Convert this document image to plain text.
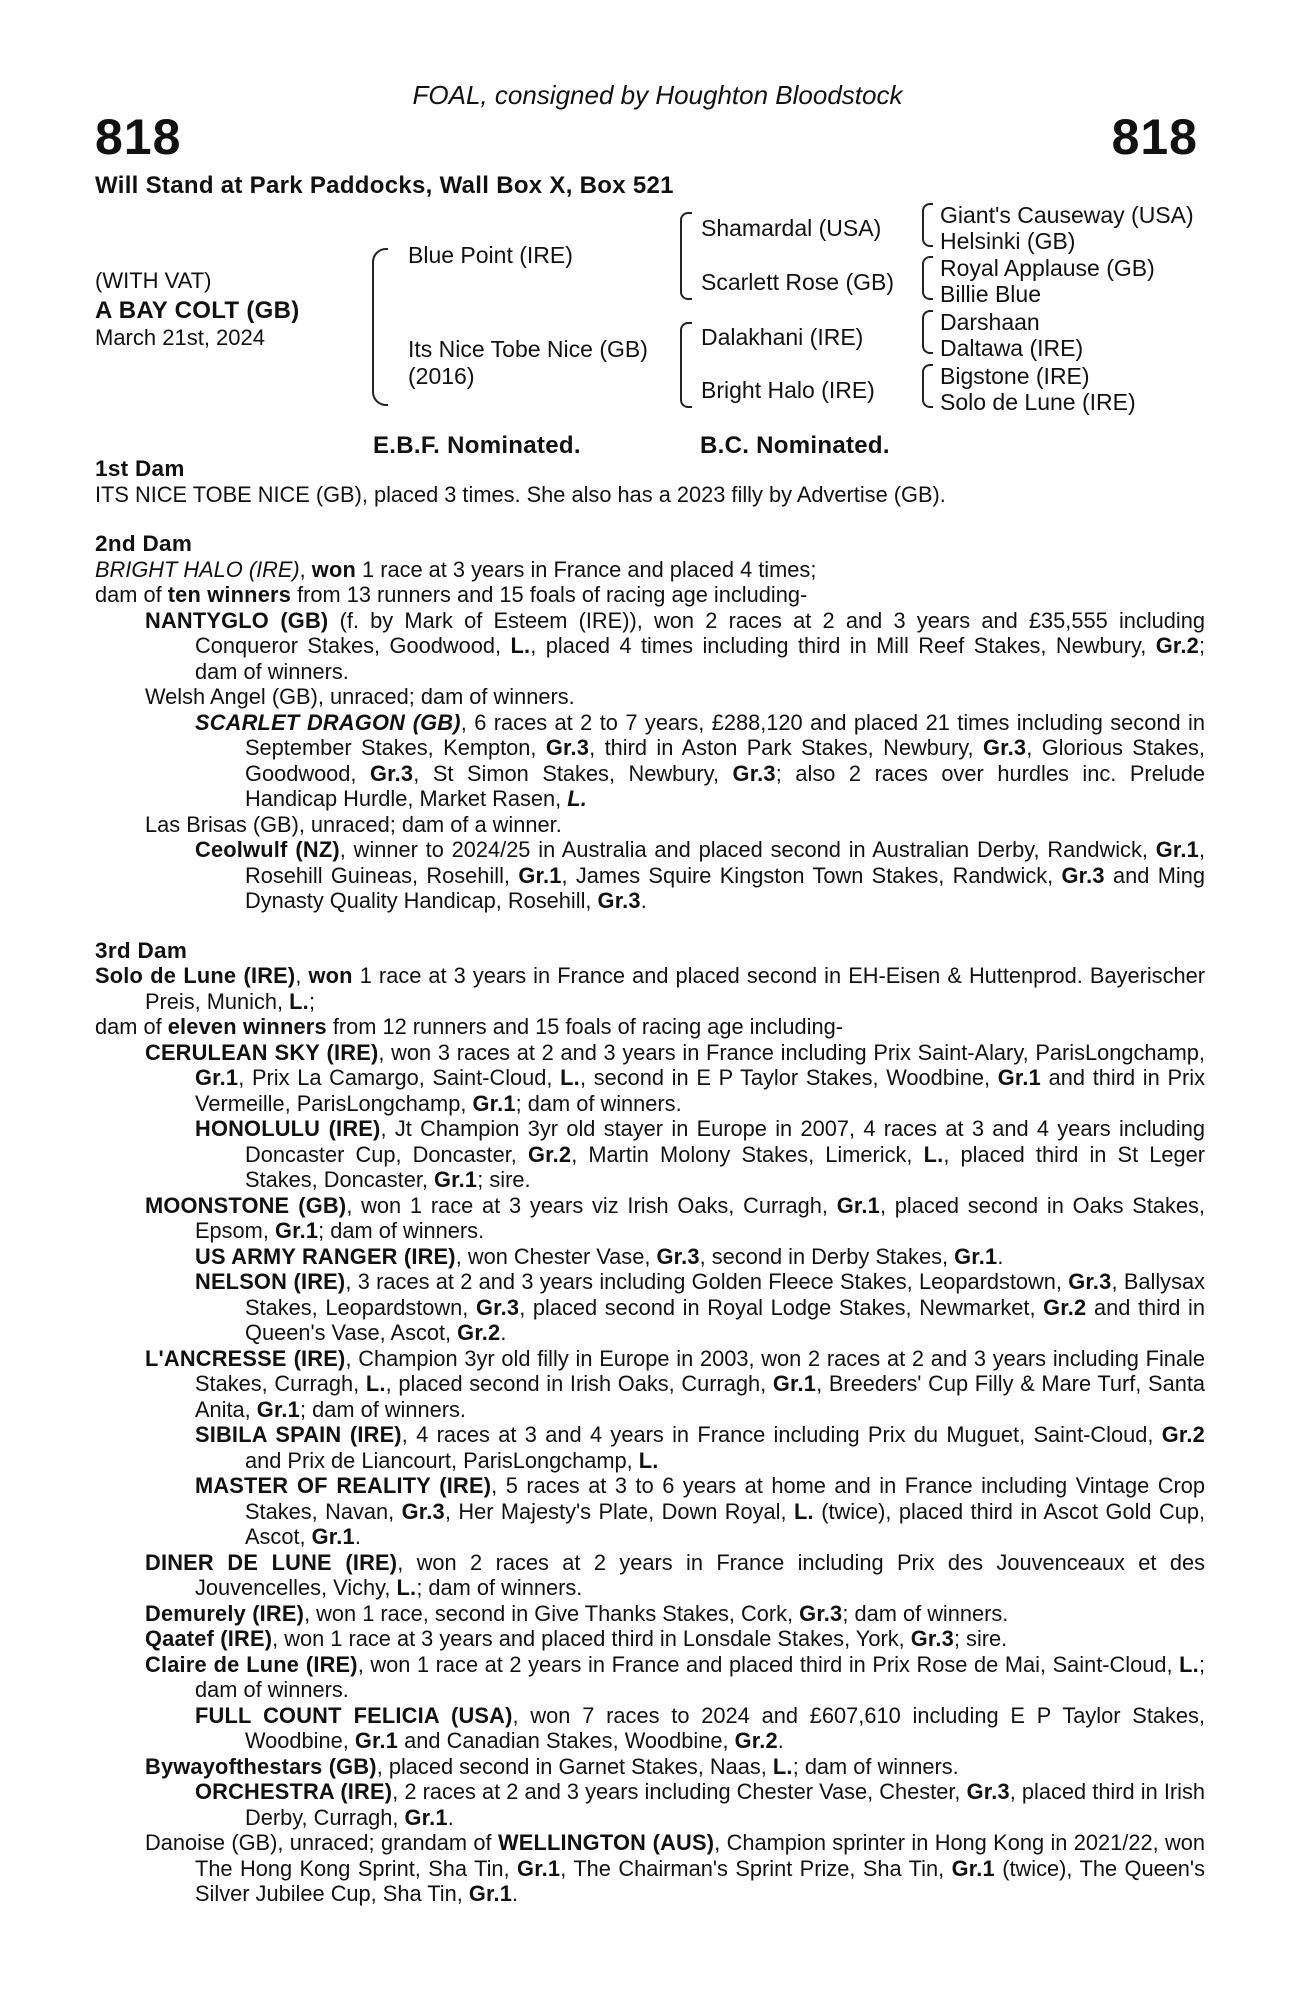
FOAL, consigned by Houghton Bloodstock
818	818
Will Stand at Park Paddocks, Wall Box X, Box 521
(WITH VAT)
A BAY COLT (GB)
March 21st, 2024
Blue Point (IRE)
Its Nice Tobe Nice (GB)
(2016)
Shamardal (USA)
Scarlett Rose (GB)
Dalakhani (IRE)
Bright Halo (IRE)
Giant's Causeway (USA)
Helsinki (GB)
Royal Applause (GB)
Billie Blue
Darshaan
Daltawa (IRE)
Bigstone (IRE)
Solo de Lune (IRE)
E.B.F. Nominated.	B.C. Nominated.

1st Dam

ITS NICE TOBE NICE (GB), placed 3 times. She also has a 2023 filly by Advertise (GB).

2nd Dam

BRIGHT HALO (IRE), won 1 race at 3 years in France and placed 4 times;

dam of ten winners from 13 runners and 15 foals of racing age including-

NANTYGLO (GB) (f. by Mark of Esteem (IRE)), won 2 races at 2 and 3 years and £35,555 including Conqueror Stakes, Goodwood, L., placed 4 times including third in Mill Reef Stakes, Newbury, Gr.2; dam of winners.

Welsh Angel (GB), unraced; dam of winners.

SCARLET DRAGON (GB), 6 races at 2 to 7 years, £288,120 and placed 21 times including second in September Stakes, Kempton, Gr.3, third in Aston Park Stakes, Newbury, Gr.3, Glorious Stakes, Goodwood, Gr.3, St Simon Stakes, Newbury, Gr.3; also 2 races over hurdles inc. Prelude Handicap Hurdle, Market Rasen, L.

Las Brisas (GB), unraced; dam of a winner.

Ceolwulf (NZ), winner to 2024/25 in Australia and placed second in Australian Derby, Randwick, Gr.1, Rosehill Guineas, Rosehill, Gr.1, James Squire Kingston Town Stakes, Randwick, Gr.3 and Ming Dynasty Quality Handicap, Rosehill, Gr.3.

3rd Dam

Solo de Lune (IRE), won 1 race at 3 years in France and placed second in EH-Eisen & Huttenprod. Bayerischer Preis, Munich, L.;

dam of eleven winners from 12 runners and 15 foals of racing age including-

CERULEAN SKY (IRE), won 3 races at 2 and 3 years in France including Prix Saint-Alary, ParisLongchamp, Gr.1, Prix La Camargo, Saint-Cloud, L., second in E P Taylor Stakes, Woodbine, Gr.1 and third in Prix Vermeille, ParisLongchamp, Gr.1; dam of winners.

HONOLULU (IRE), Jt Champion 3yr old stayer in Europe in 2007, 4 races at 3 and 4 years including Doncaster Cup, Doncaster, Gr.2, Martin Molony Stakes, Limerick, L., placed third in St Leger Stakes, Doncaster, Gr.1; sire.

MOONSTONE (GB), won 1 race at 3 years viz Irish Oaks, Curragh, Gr.1, placed second in Oaks Stakes, Epsom, Gr.1; dam of winners.

US ARMY RANGER (IRE), won Chester Vase, Gr.3, second in Derby Stakes, Gr.1.

NELSON (IRE), 3 races at 2 and 3 years including Golden Fleece Stakes, Leopardstown, Gr.3, Ballysax Stakes, Leopardstown, Gr.3, placed second in Royal Lodge Stakes, Newmarket, Gr.2 and third in Queen's Vase, Ascot, Gr.2.

L'ANCRESSE (IRE), Champion 3yr old filly in Europe in 2003, won 2 races at 2 and 3 years including Finale Stakes, Curragh, L., placed second in Irish Oaks, Curragh, Gr.1, Breeders' Cup Filly & Mare Turf, Santa Anita, Gr.1; dam of winners.

SIBILA SPAIN (IRE), 4 races at 3 and 4 years in France including Prix du Muguet, Saint-Cloud, Gr.2 and Prix de Liancourt, ParisLongchamp, L.

MASTER OF REALITY (IRE), 5 races at 3 to 6 years at home and in France including Vintage Crop Stakes, Navan, Gr.3, Her Majesty's Plate, Down Royal, L. (twice), placed third in Ascot Gold Cup, Ascot, Gr.1.

DINER DE LUNE (IRE), won 2 races at 2 years in France including Prix des Jouvenceaux et des Jouvencelles, Vichy, L.; dam of winners.

Demurely (IRE), won 1 race, second in Give Thanks Stakes, Cork, Gr.3; dam of winners.

Qaatef (IRE), won 1 race at 3 years and placed third in Lonsdale Stakes, York, Gr.3; sire.

Claire de Lune (IRE), won 1 race at 2 years in France and placed third in Prix Rose de Mai, Saint-Cloud, L.; dam of winners.

FULL COUNT FELICIA (USA), won 7 races to 2024 and £607,610 including E P Taylor Stakes, Woodbine, Gr.1 and Canadian Stakes, Woodbine, Gr.2.

Bywayofthestars (GB), placed second in Garnet Stakes, Naas, L.; dam of winners.

ORCHESTRA (IRE), 2 races at 2 and 3 years including Chester Vase, Chester, Gr.3, placed third in Irish Derby, Curragh, Gr.1.

Danoise (GB), unraced; grandam of WELLINGTON (AUS), Champion sprinter in Hong Kong in 2021/22, won The Hong Kong Sprint, Sha Tin, Gr.1, The Chairman's Sprint Prize, Sha Tin, Gr.1 (twice), The Queen's Silver Jubilee Cup, Sha Tin, Gr.1.
